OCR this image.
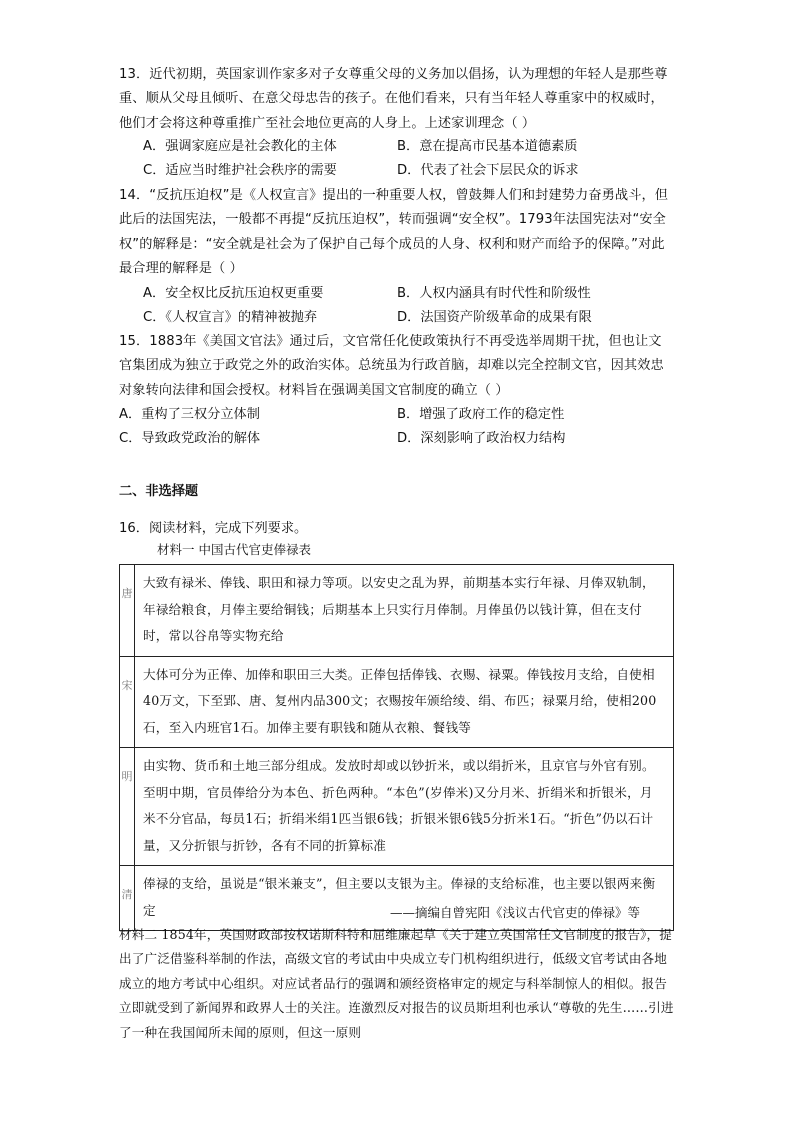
13．近代初期，英国家训作家多对子女尊重父母的义务加以倡扬，认为理想的年轻人是那些尊重、顺从父母且倾听、在意父母忠告的孩子。在他们看来，只有当年轻人尊重家中的权威时，他们才会将这种尊重推广至社会地位更高的人身上。上述家训理念（ ）
A．强调家庭应是社会教化的主体	B．意在提高市民基本道德素质
C．适应当时维护社会秩序的需要	D．代表了社会下层民众的诉求
14．“反抗压迫权”是《人权宣言》提出的一种重要人权，曾鼓舞人们和封建势力奋勇战斗，但此后的法国宪法，一般都不再提“反抗压迫权”，转而强调“安全权”。1793年法国宪法对“安全权”的解释是：“安全就是社会为了保护自己每个成员的人身、权利和财产而给予的保障。”对此最合理的解释是（ ）
A．安全权比反抗压迫权更重要	B．人权内涵具有时代性和阶级性
C．《人权宣言》的精神被抛弃	D．法国资产阶级革命的成果有限
15．1883年《美国文官法》通过后，文官常任化使政策执行不再受选举周期干扰，但也让文官集团成为独立于政党之外的政治实体。总统虽为行政首脑，却难以完全控制文官，因其效忠对象转向法律和国会授权。材料旨在强调美国文官制度的确立（ ）
A．重构了三权分立体制	B．增强了政府工作的稳定性
C．导致政党政治的解体	D．深刻影响了政治权力结构
二、非选择题
16．阅读材料，完成下列要求。
材料一 中国古代官吏俸禄表
唐	大致有禄米、俸钱、职田和禄力等项。以安史之乱为界，前期基本实行年禄、月俸双轨制，年禄给粮食，月俸主要给铜钱；后期基本上只实行月俸制。月俸虽仍以钱计算，但在支付时，常以谷帛等实物充给

宋	大体可分为正俸、加俸和职田三大类。正俸包括俸钱、衣赐、禄粟。俸钱按月支给，自使相40万文，下至郢、唐、复州内品300文；衣赐按年颁给绫、绢、布匹；禄粟月给，使相200石，至入内班官1石。加俸主要有职钱和随从衣粮、餐钱等

明	由实物、货币和土地三部分组成。发放时却或以钞折米，或以绢折米，且京官与外官有别。至明中期，官员俸给分为本色、折色两种。“本色”(岁俸米)又分月米、折绢米和折银米，月米不分官品，每员1石；折绢米绢1匹当银6钱；折银米银6钱5分折米1石。“折色”仍以石计量，又分折银与折钞，各有不同的折算标准

清	俸禄的支给，虽说是“银米兼支”，但主要以支银为主。俸禄的支给标准，也主要以银两来衡定	——摘编自曾宪阳《浅议古代官吏的俸禄》等
材料二 1854年，英国财政部按权诺斯科特和屈维廉起草《关于建立英国常任文官制度的报告》，提出了广泛借鉴科举制的作法，高级文官的考试由中央成立专门机构组织进行，低级文官考试由各地成立的地方考试中心组织。对应试者品行的强调和颁经资格审定的规定与科举制惊人的相似。报告立即就受到了新闻界和政界人士的关注。连激烈反对报告的议员斯坦利也承认“尊敬的先生……引进了一种在我国闻所未闻的原则，但这一原则
